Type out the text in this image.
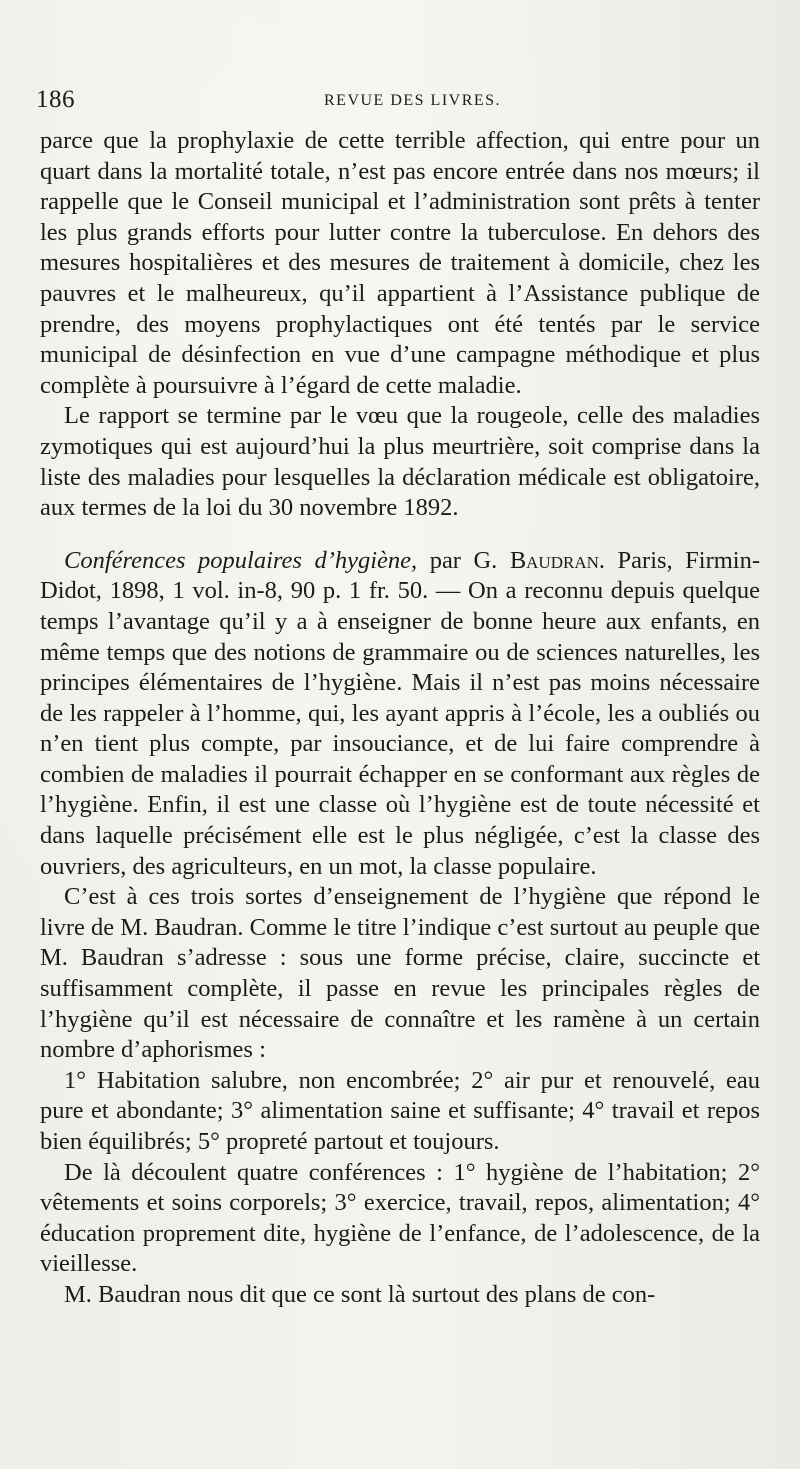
186	REVUE DES LIVRES.

parce que la prophylaxie de cette terrible affection, qui entre pour un quart dans la mortalité totale, n’est pas encore entrée dans nos mœurs; il rappelle que le Conseil municipal et l’administration sont prêts à tenter les plus grands efforts pour lutter contre la tuberculose. En dehors des mesures hospitalières et des mesures de traitement à domicile, chez les pauvres et le malheureux, qu’il appartient à l’Assistance publique de prendre, des moyens prophylactiques ont été tentés par le service municipal de désinfection en vue d’une campagne méthodique et plus complète à poursuivre à l’égard de cette maladie.

Le rapport se termine par le vœu que la rougeole, celle des maladies zymotiques qui est aujourd’hui la plus meurtrière, soit comprise dans la liste des maladies pour lesquelles la déclaration médicale est obligatoire, aux termes de la loi du 30 novembre 1892.

Conférences populaires d’hygiène, par G. Baudran. Paris, Firmin-Didot, 1898, 1 vol. in-8, 90 p. 1 fr. 50. — On a reconnu depuis quelque temps l’avantage qu’il y a à enseigner de bonne heure aux enfants, en même temps que des notions de grammaire ou de sciences naturelles, les principes élémentaires de l’hygiène. Mais il n’est pas moins nécessaire de les rappeler à l’homme, qui, les ayant appris à l’école, les a oubliés ou n’en tient plus compte, par insouciance, et de lui faire comprendre à combien de maladies il pourrait échapper en se conformant aux règles de l’hygiène. Enfin, il est une classe où l’hygiène est de toute nécessité et dans laquelle précisément elle est le plus négligée, c’est la classe des ouvriers, des agriculteurs, en un mot, la classe populaire.

C’est à ces trois sortes d’enseignement de l’hygiène que répond le livre de M. Baudran. Comme le titre l’indique c’est surtout au peuple que M. Baudran s’adresse : sous une forme précise, claire, succincte et suffisamment complète, il passe en revue les principales règles de l’hygiène qu’il est nécessaire de connaître et les ramène à un certain nombre d’aphorismes :

1° Habitation salubre, non encombrée; 2° air pur et renouvelé, eau pure et abondante; 3° alimentation saine et suffisante; 4° travail et repos bien équilibrés; 5° propreté partout et toujours.

De là découlent quatre conférences : 1° hygiène de l’habitation; 2° vêtements et soins corporels; 3° exercice, travail, repos, alimentation; 4° éducation proprement dite, hygiène de l’enfance, de l’adolescence, de la vieillesse.

M. Baudran nous dit que ce sont là surtout des plans de con-
